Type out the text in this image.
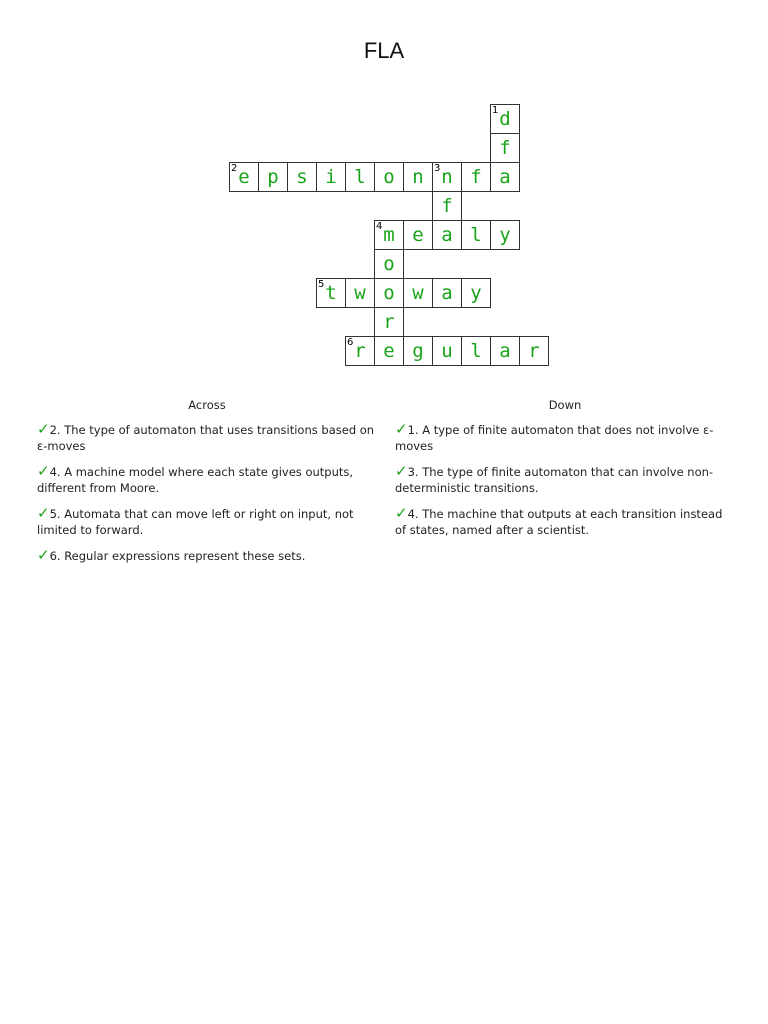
FLA
1 d
f
2 e p s i l o n	3 n f a
f
4 m e a l y
o
5 t w o w a y
r
6 r e g u l a r
Across
✓2. The type of automaton that uses transitions based on ε-moves
✓4. A machine model where each state gives outputs, different from Moore.
✓5. Automata that can move left or right on input, not limited to forward.
✓6. Regular expressions represent these sets.
Down
✓1. A type of finite automaton that does not involve ε-moves
✓3. The type of finite automaton that can involve non-deterministic transitions.
✓4. The machine that outputs at each transition instead of states, named after a scientist.
